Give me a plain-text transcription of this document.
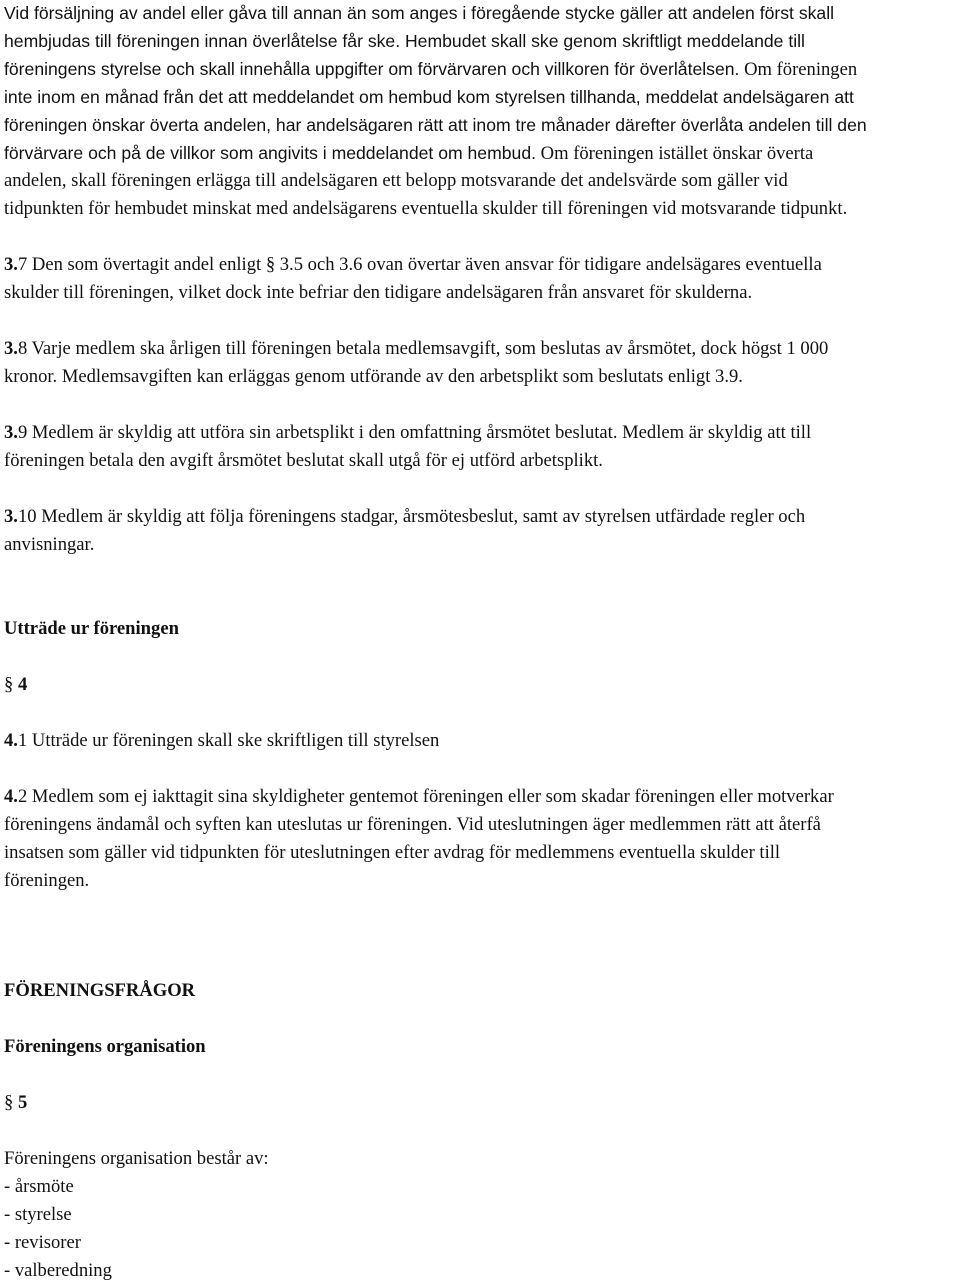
Vid försäljning av andel eller gåva till annan än som anges i föregående stycke gäller att andelen först skall
hembjudas till föreningen innan överlåtelse får ske. Hembudet skall ske genom skriftligt meddelande till
föreningens styrelse och skall innehålla uppgifter om förvärvaren och villkoren för överlåtelsen. Om föreningen
inte inom en månad från det att meddelandet om hembud kom styrelsen tillhanda, meddelat andelsägaren att
föreningen önskar överta andelen, har andelsägaren rätt att inom tre månader därefter överlåta andelen till den
förvärvare och på de villkor som angivits i meddelandet om hembud. Om föreningen istället önskar överta
andelen, skall föreningen erlägga till andelsägaren ett belopp motsvarande det andelsvärde som gäller vid
tidpunkten för hembudet minskat med andelsägarens eventuella skulder till föreningen vid motsvarande tidpunkt.
3.7 Den som övertagit andel enligt § 3.5 och 3.6 ovan övertar även ansvar för tidigare andelsägares eventuella
skulder till föreningen, vilket dock inte befriar den tidigare andelsägaren från ansvaret för skulderna.
3.8 Varje medlem ska årligen till föreningen betala medlemsavgift, som beslutas av årsmötet, dock högst 1 000
kronor. Medlemsavgiften kan erläggas genom utförande av den arbetsplikt som beslutats enligt 3.9.
3.9 Medlem är skyldig att utföra sin arbetsplikt i den omfattning årsmötet beslutat. Medlem är skyldig att till
föreningen betala den avgift årsmötet beslutat skall utgå för ej utförd arbetsplikt.
3.10 Medlem är skyldig att följa föreningens stadgar, årsmötesbeslut, samt av styrelsen utfärdade regler och
anvisningar.
Utträde ur föreningen
§ 4
4.1 Utträde ur föreningen skall ske skriftligen till styrelsen
4.2 Medlem som ej iakttagit sina skyldigheter gentemot föreningen eller som skadar föreningen eller motverkar
föreningens ändamål och syften kan uteslutas ur föreningen. Vid uteslutningen äger medlemmen rätt att återfå
insatsen som gäller vid tidpunkten för uteslutningen efter avdrag för medlemmens eventuella skulder till
föreningen.
FÖRENINGSFRÅGOR
Föreningens organisation
§ 5
Föreningens organisation består av:
- årsmöte
- styrelse
- revisorer
- valberedning
